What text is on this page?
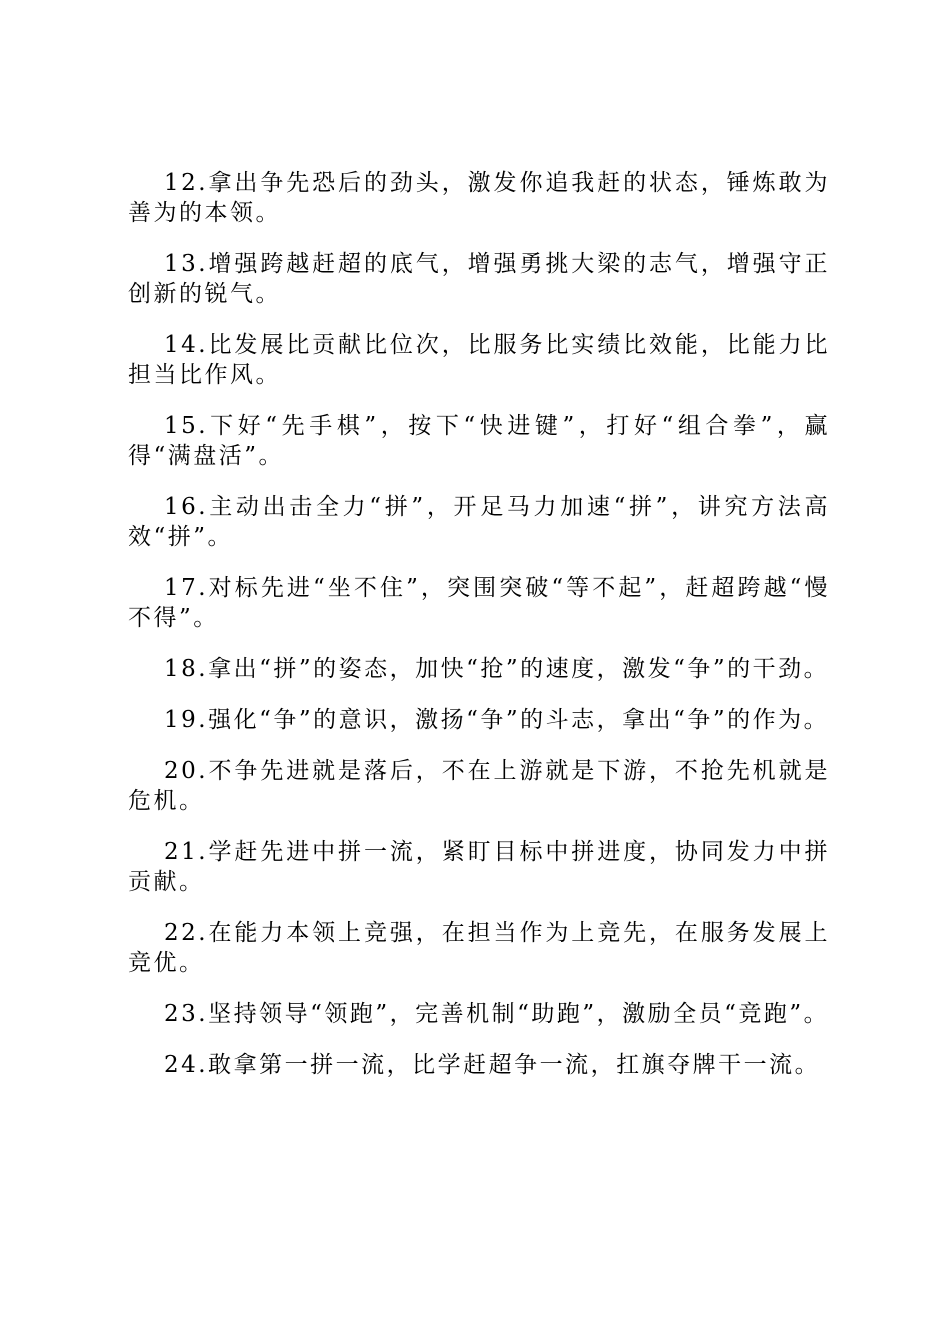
12.拿出争先恐后的劲头，激发你追我赶的状态，锤炼敢为善为的本领。

13.增强跨越赶超的底气，增强勇挑大梁的志气，增强守正创新的锐气。

14.比发展比贡献比位次，比服务比实绩比效能，比能力比担当比作风。

15.下好“先手棋”，按下“快进键”，打好“组合拳”，赢得“满盘活”。

16.主动出击全力“拼”，开足马力加速“拼”，讲究方法高效“拼”。

17.对标先进“坐不住”，突围突破“等不起”，赶超跨越“慢不得”。

18.拿出“拼”的姿态，加快“抢”的速度，激发“争”的干劲。

19.强化“争”的意识，激扬“争”的斗志，拿出“争”的作为。

20.不争先进就是落后，不在上游就是下游，不抢先机就是危机。

21.学赶先进中拼一流，紧盯目标中拼进度，协同发力中拼贡献。

22.在能力本领上竞强，在担当作为上竞先，在服务发展上竞优。

23.坚持领导“领跑”，完善机制“助跑”，激励全员“竞跑”。

24.敢拿第一拼一流，比学赶超争一流，扛旗夺牌干一流。
